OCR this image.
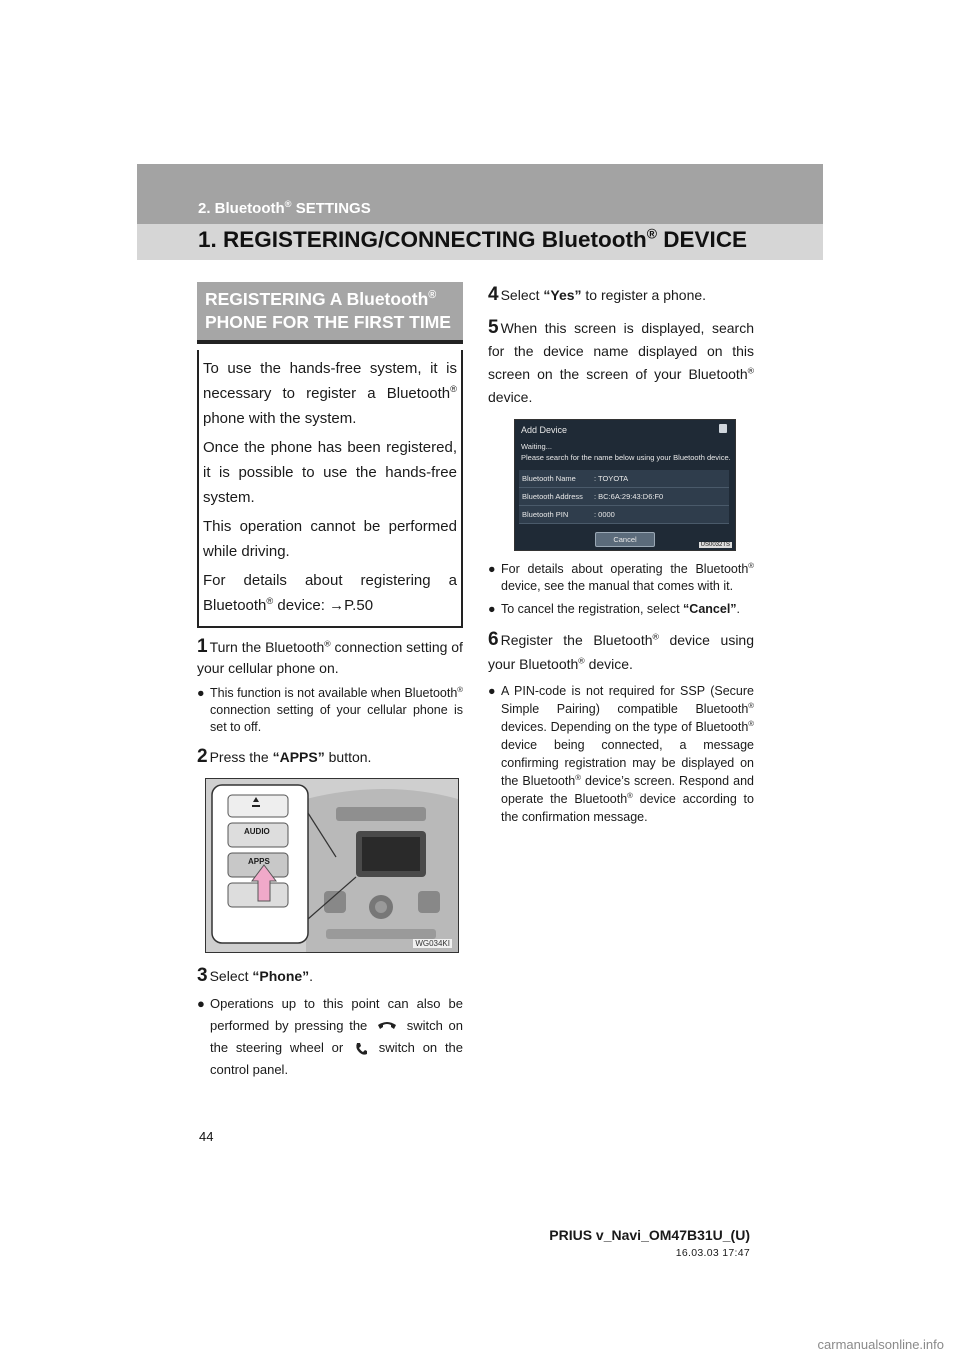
2. Bluetooth® SETTINGS
1. REGISTERING/CONNECTING Bluetooth® DEVICE
REGISTERING A Bluetooth®
PHONE FOR THE FIRST TIME

To use the hands-free system, it is necessary to register a Bluetooth® phone with the system.

Once the phone has been registered, it is possible to use the hands-free system.

This operation cannot be performed while driving.

For details about registering a Bluetooth® device: →P.50

1 Turn the Bluetooth® connection setting of your cellular phone on.
● This function is not available when Bluetooth® connection setting of your cellular phone is set to off.
2 Press the “APPS” button.
AUDIO
APPS
WG034KI
3 Select “Phone”.
● Operations up to this point can also be performed by pressing the	switch on the steering wheel or	switch on the control panel.
4 Select “Yes” to register a phone.
5 When this screen is displayed, search for the device name displayed on this screen on the screen of your Bluetooth® device.
Add Device
Waiting...
Please search for the name below using your Bluetooth device.
Bluetooth Name : TOYOTA
Bluetooth Address : BC:6A:29:43:D6:F0
Bluetooth PIN	: 0000
Cancel
US0032TS
● For details about operating the Bluetooth® device, see the manual that comes with it.
● To cancel the registration, select “Cancel”.
6 Register the Bluetooth® device using your Bluetooth® device.
● A PIN-code is not required for SSP (Secure Simple Pairing) compatible Bluetooth® devices. Depending on the type of Bluetooth® device being connected, a message confirming registration may be displayed on the Bluetooth® device’s screen. Respond and operate the Bluetooth® device according to the confirmation message.
44
PRIUS v_Navi_OM47B31U_(U)
16.03.03 17:47
carmanualsonline.info
